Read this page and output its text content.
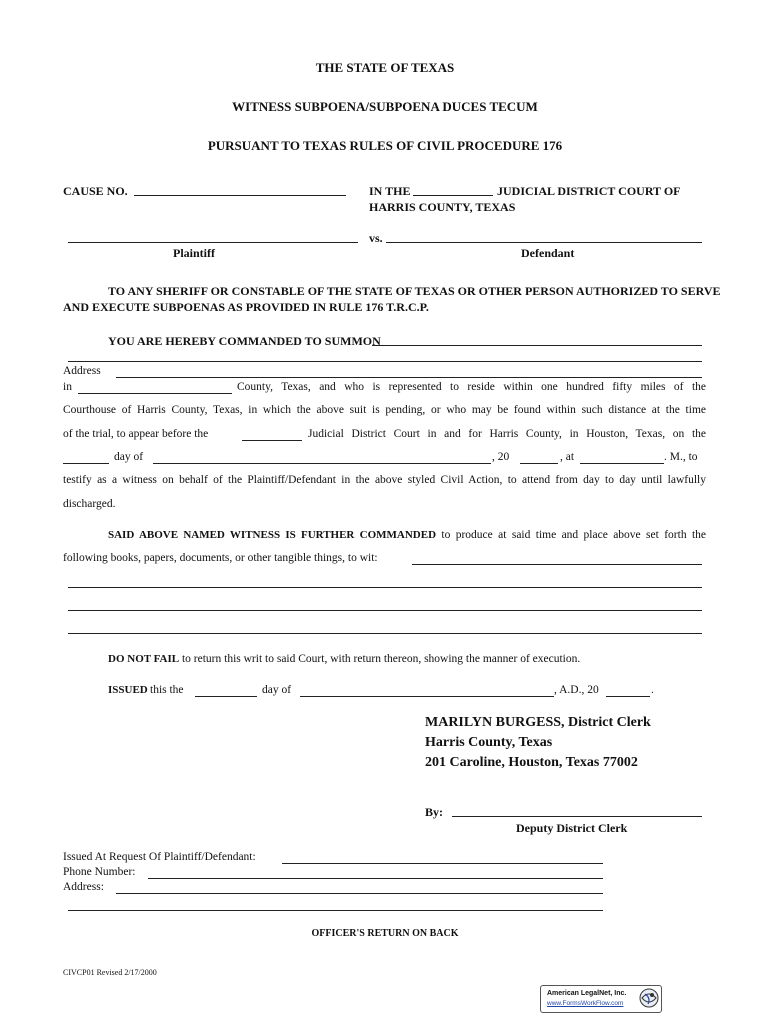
THE STATE OF TEXAS
WITNESS SUBPOENA/SUBPOENA DUCES TECUM
PURSUANT TO TEXAS RULES OF CIVIL PROCEDURE 176
CAUSE NO.	IN THE	JUDICIAL DISTRICT COURT OF
HARRIS COUNTY, TEXAS
vs.
Plaintiff	Defendant
TO ANY SHERIFF OR CONSTABLE OF THE STATE OF TEXAS OR OTHER PERSON AUTHORIZED TO SERVE
AND EXECUTE SUBPOENAS AS PROVIDED IN RULE 176 T.R.C.P.
YOU ARE HEREBY COMMANDED TO SUMMON
Address
in	County, Texas, and who is represented to reside within one hundred fifty miles of the
Courthouse of Harris County, Texas, in which the above suit is pending, or who may be found within such distance at the time
of the trial, to appear before the	Judicial District Court in and for Harris County, in Houston, Texas, on the
day of	, 20	, at	. M., to
testify as a witness on behalf of the Plaintiff/Defendant in the above styled Civil Action, to attend from day to day until lawfully
discharged.
SAID ABOVE NAMED WITNESS IS FURTHER COMMANDED to produce at said time and place above set forth the
following books, papers, documents, or other tangible things, to wit:
DO NOT FAIL to return this writ to said Court, with return thereon, showing the manner of execution.
ISSUED this the	day of	, A.D., 20	.
MARILYN BURGESS, District Clerk
Harris County, Texas
201 Caroline, Houston, Texas 77002
By:
Deputy District Clerk
Issued At Request Of Plaintiff/Defendant:
Phone Number:
Address:
OFFICER'S RETURN ON BACK
CIVCP01 Revised 2/17/2000
American LegalNet, Inc.
www.FormsWorkFlow.com
